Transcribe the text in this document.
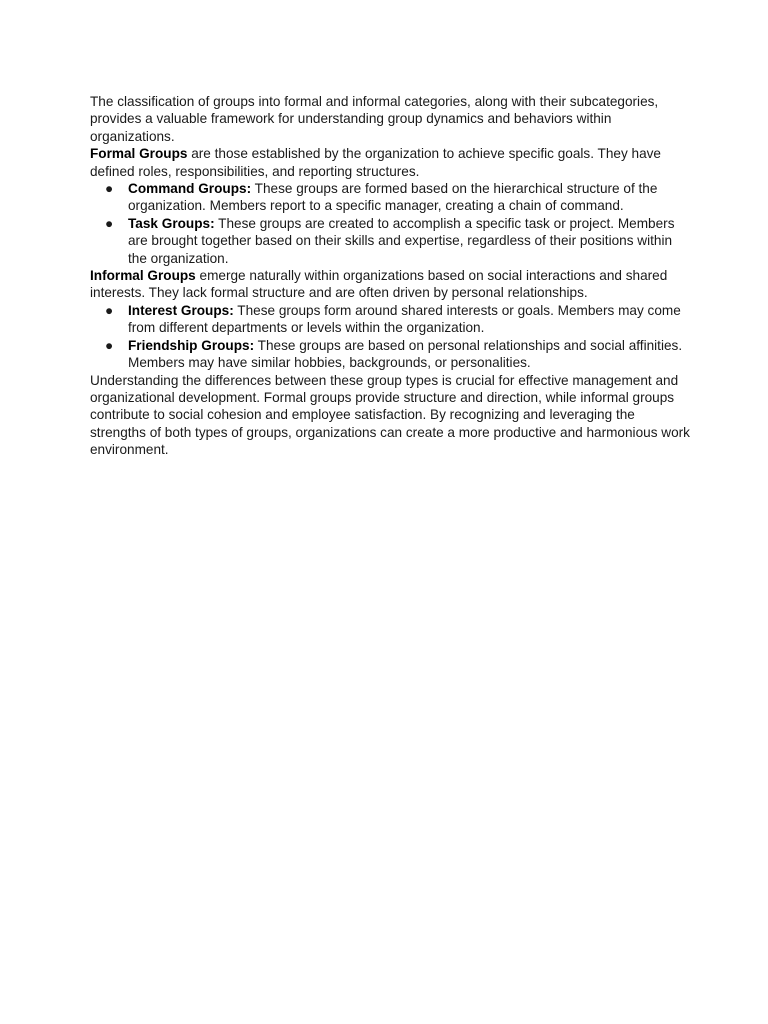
The classification of groups into formal and informal categories, along with their subcategories, provides a valuable framework for understanding group dynamics and behaviors within organizations.

Formal Groups are those established by the organization to achieve specific goals. They have defined roles, responsibilities, and reporting structures.

● Command Groups: These groups are formed based on the hierarchical structure of the organization. Members report to a specific manager, creating a chain of command.
● Task Groups: These groups are created to accomplish a specific task or project. Members are brought together based on their skills and expertise, regardless of their positions within the organization.

Informal Groups emerge naturally within organizations based on social interactions and shared interests. They lack formal structure and are often driven by personal relationships.

● Interest Groups: These groups form around shared interests or goals. Members may come from different departments or levels within the organization.
● Friendship Groups: These groups are based on personal relationships and social affinities. Members may have similar hobbies, backgrounds, or personalities.

Understanding the differences between these group types is crucial for effective management and organizational development. Formal groups provide structure and direction, while informal groups contribute to social cohesion and employee satisfaction. By recognizing and leveraging the strengths of both types of groups, organizations can create a more productive and harmonious work environment.
